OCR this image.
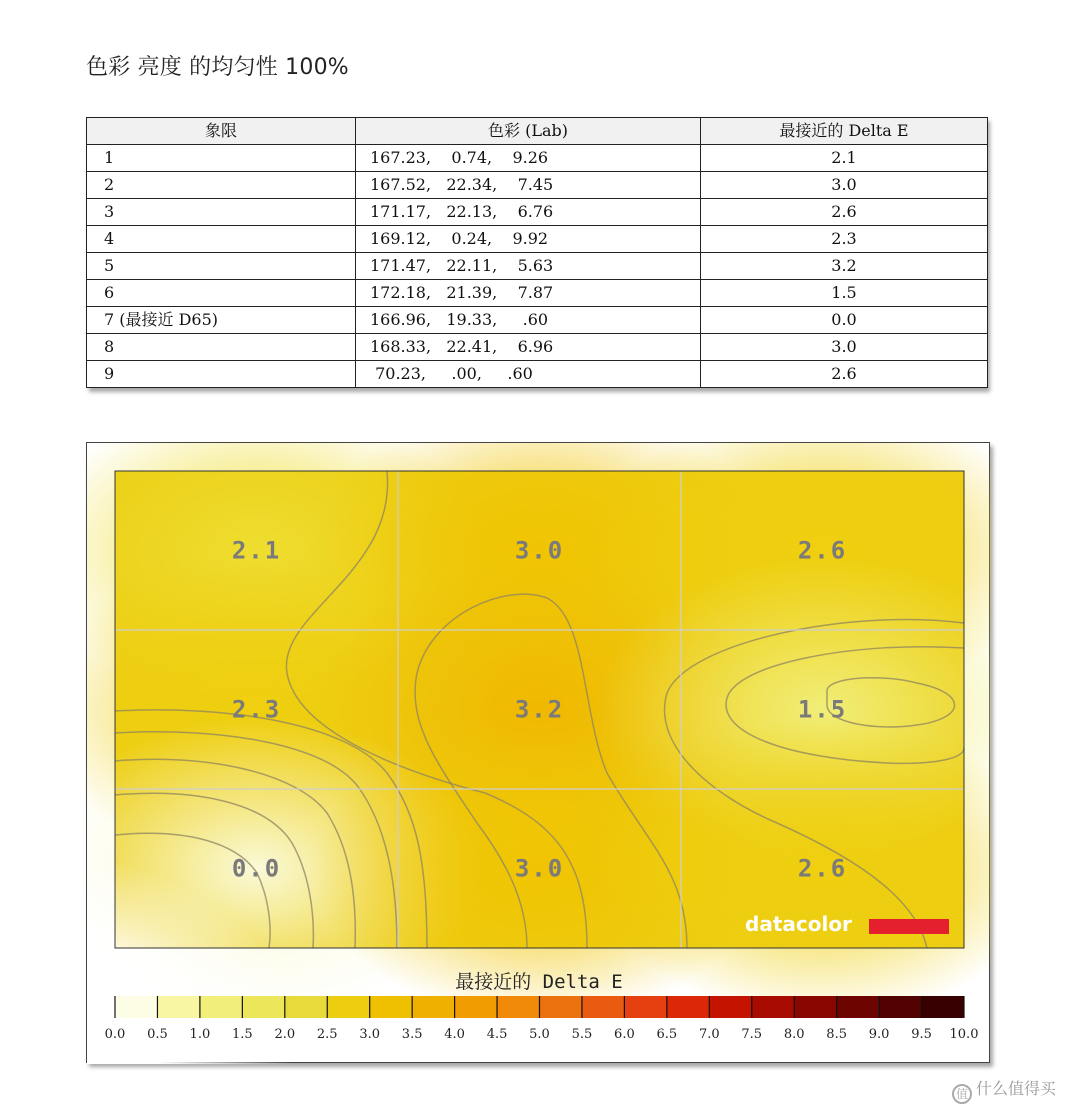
色彩 亮度 的均匀性 100%
象限	色彩 (Lab)	最接近的 Delta E
1	167.23,    0.74,    9.26	2.1
2	167.52,   22.34,    7.45	3.0
3	171.17,   22.13,    6.76	2.6
4	169.12,    0.24,    9.92	2.3
5	171.47,   22.11,    5.63	3.2
6	172.18,   21.39,    7.87	1.5
7 (最接近 D65)	166.96,   19.33,     .60	0.0
8	168.33,   22.41,    6.96	3.0
9	70.23,     .00,     .60	2.6
2.1	3.0	2.6
2.3	3.2	1.5
0.0	3.0	2.6
datacolor
最接近的 Delta E
0.0 0.5 1.0 1.5 2.0 2.5 3.0 3.5 4.0 4.5 5.0 5.5 6.0 6.5 7.0 7.5 8.0 8.5 9.0 9.5 10.0
值 什么值得买
